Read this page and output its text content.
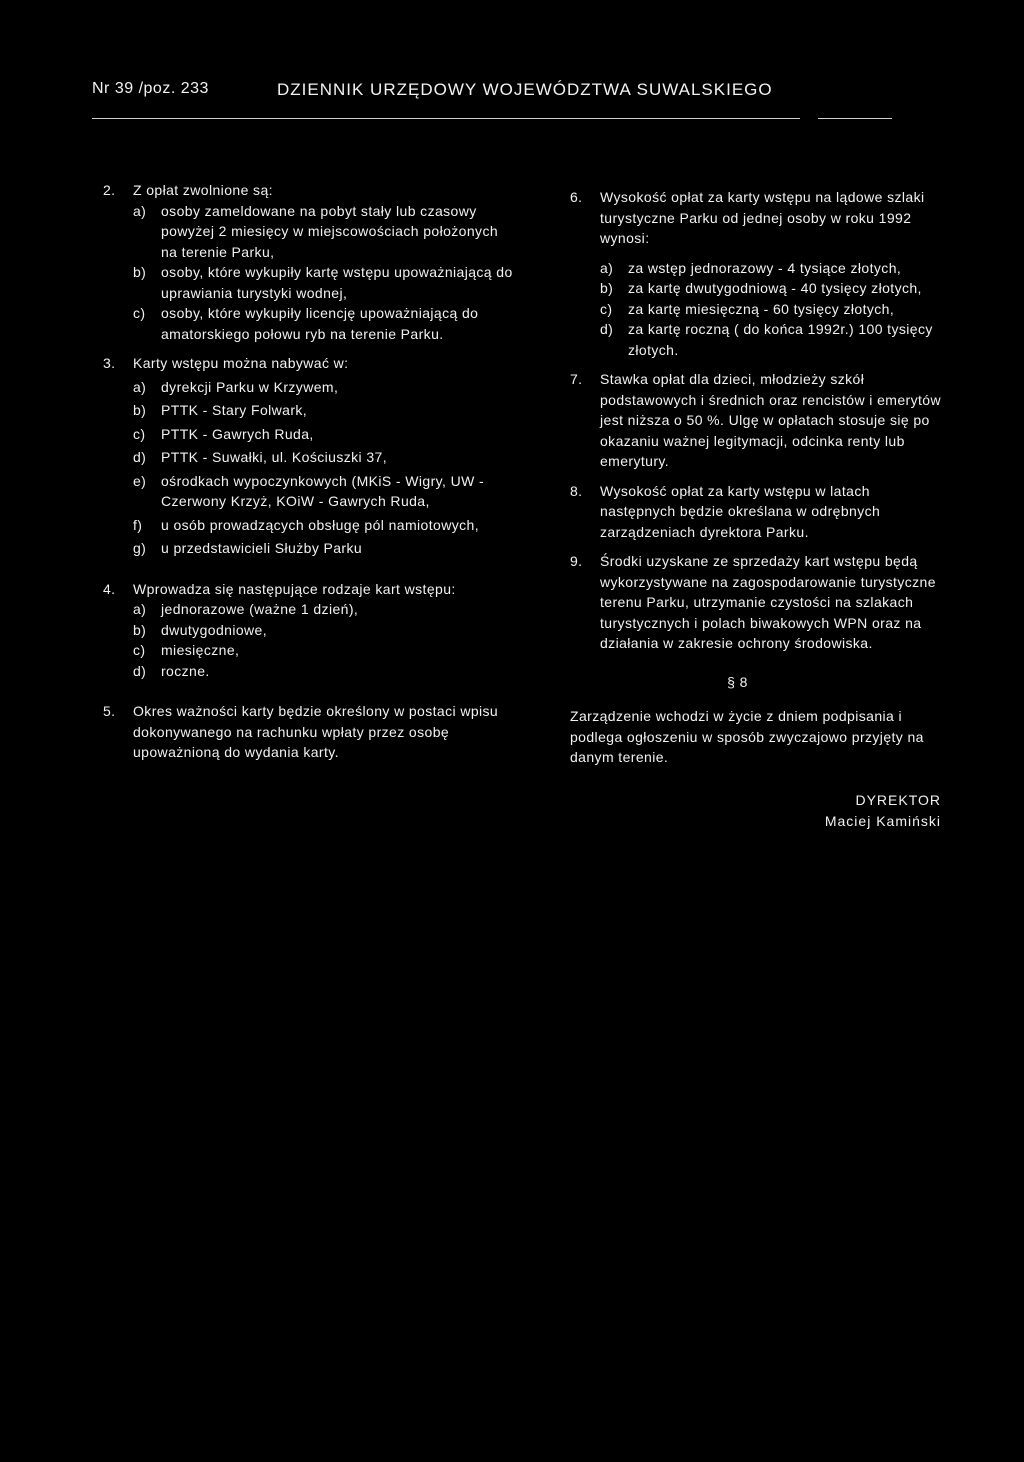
Nr 39 /poz. 233	DZIENNIK URZĘDOWY WOJEWÓDZTWA SUWALSKIEGO
2. Z opłat zwolnione są:
a) osoby zameldowane na pobyt stały lub czasowy powyżej 2 miesięcy w miejscowościach położonych na terenie Parku,
b) osoby, które wykupiły kartę wstępu upoważniającą do uprawiania turystyki wodnej,
c) osoby, które wykupiły licencję upoważniającą do amatorskiego połowu ryb na terenie Parku.
3. Karty wstępu można nabywać w:
a) dyrekcji Parku w Krzywem,
b) PTTK - Stary Folwark,
c) PTTK - Gawrych Ruda,
d) PTTK - Suwałki, ul. Kościuszki 37,
e) ośrodkach wypoczynkowych (MKiS - Wigry, UW - Czerwony Krzyż, KOiW - Gawrych Ruda,
f) u osób prowadzących obsługę pól namiotowych,
g) u przedstawicieli Służby Parku
4. Wprowadza się następujące rodzaje kart wstępu:
a) jednorazowe (ważne 1 dzień),
b) dwutygodniowe,
c) miesięczne,
d) roczne.
5. Okres ważności karty będzie określony w postaci wpisu dokonywanego na rachunku wpłaty przez osobę upoważnioną do wydania karty.
6. Wysokość opłat za karty wstępu na lądowe szlaki turystyczne Parku od jednej osoby w roku 1992 wynosi:
a) za wstęp jednorazowy - 4 tysiące złotych,
b) za kartę dwutygodniową - 40 tysięcy złotych,
c) za kartę miesięczną - 60 tysięcy złotych,
d) za kartę roczną ( do końca 1992r.) 100 tysięcy złotych.
7. Stawka opłat dla dzieci, młodzieży szkół podstawowych i średnich oraz rencistów i emerytów jest niższa o 50 %. Ulgę w opłatach stosuje się po okazaniu ważnej legitymacji, odcinka renty lub emerytury.
8. Wysokość opłat za karty wstępu w latach następnych będzie określana w odrębnych zarządzeniach dyrektora Parku.
9. Środki uzyskane ze sprzedaży kart wstępu będą wykorzystywane na zagospodarowanie turystyczne terenu Parku, utrzymanie czystości na szlakach turystycznych i polach biwakowych WPN oraz na działania w zakresie ochrony środowiska.
§ 8
Zarządzenie wchodzi w życie z dniem podpisania i podlega ogłoszeniu w sposób zwyczajowo przyjęty na danym terenie.
DYREKTOR
Maciej Kamiński
